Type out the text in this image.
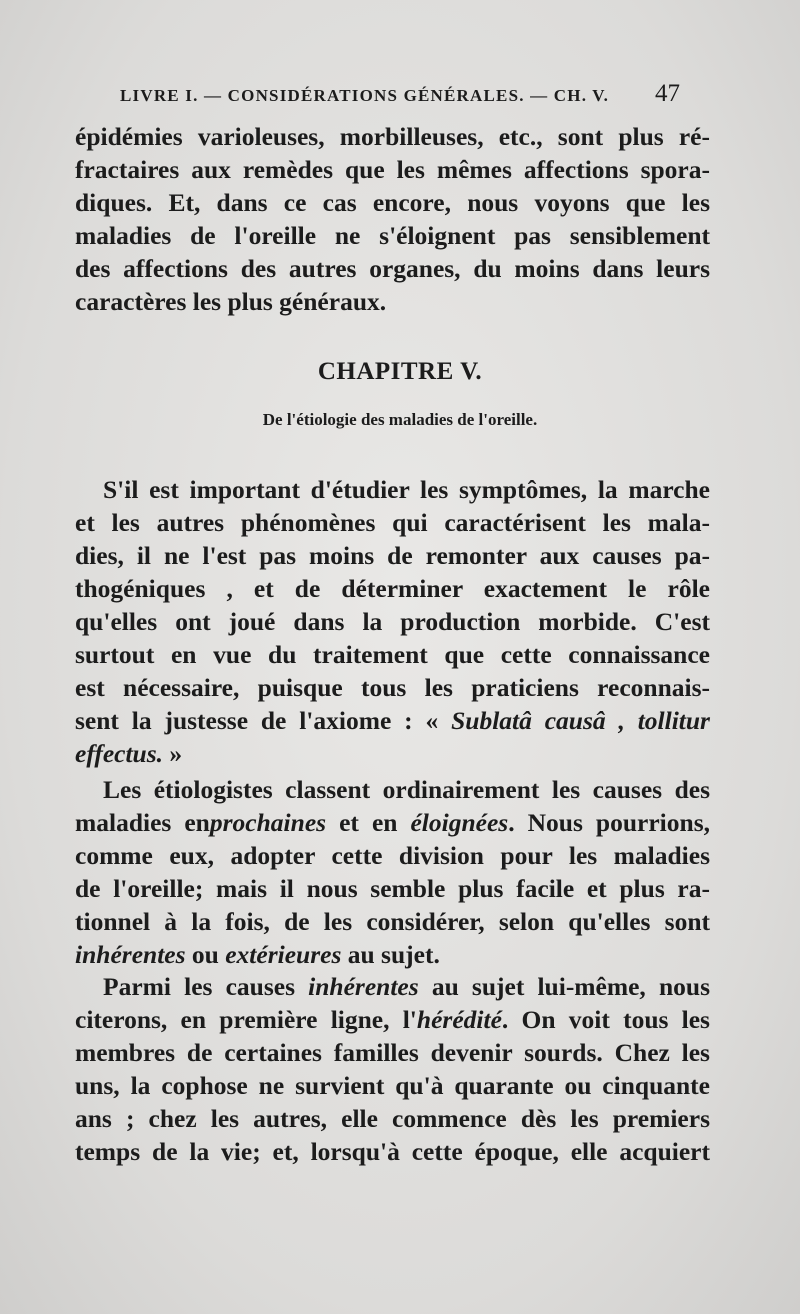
LIVRE I. — CONSIDÉRATIONS GÉNÉRALES. — CH. V. 47
épidémies varioleuses, morbilleuses, etc., sont plus ré-
fractaires aux remèdes que les mêmes affections spora-
diques. Et, dans ce cas encore, nous voyons que les
maladies de l'oreille ne s'éloignent pas sensiblement
des affections des autres organes, du moins dans leurs
caractères les plus généraux.
CHAPITRE V.
De l'étiologie des maladies de l'oreille.
S'il est important d'étudier les symptômes, la marche
et les autres phénomènes qui caractérisent les mala-
dies, il ne l'est pas moins de remonter aux causes pa-
thogéniques , et de déterminer exactement le rôle
qu'elles ont joué dans la production morbide. C'est
surtout en vue du traitement que cette connaissance
est nécessaire, puisque tous les praticiens reconnais-
sent la justesse de l'axiome : « Sublatâ causâ , tollitur
effectus. »
Les étiologistes classent ordinairement les causes des
maladies enprochaines et en éloignées. Nous pourrions,
comme eux, adopter cette division pour les maladies
de l'oreille; mais il nous semble plus facile et plus ra-
tionnel à la fois, de les considérer, selon qu'elles sont
inhérentes ou extérieures au sujet.
Parmi les causes inhérentes au sujet lui-même, nous
citerons, en première ligne, l'hérédité. On voit tous les
membres de certaines familles devenir sourds. Chez les
uns, la cophose ne survient qu'à quarante ou cinquante
ans ; chez les autres, elle commence dès les premiers
temps de la vie; et, lorsqu'à cette époque, elle acquiert
